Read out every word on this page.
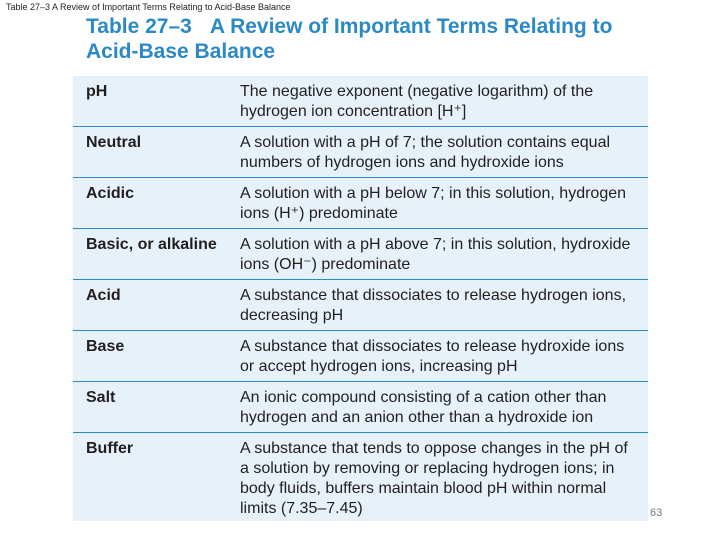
Table 27–3 A Review of Important Terms Relating to Acid-Base Balance
Table 27–3 A Review of Important Terms Relating to
Acid-Base Balance
pH	The negative exponent (negative logarithm) of the hydrogen ion concentration [H⁺]
Neutral	A solution with a pH of 7; the solution contains equal numbers of hydrogen ions and hydroxide ions
Acidic	A solution with a pH below 7; in this solution, hydrogen ions (H⁺) predominate
Basic, or alkaline	A solution with a pH above 7; in this solution, hydroxide ions (OH⁻) predominate
Acid	A substance that dissociates to release hydrogen ions, decreasing pH
Base	A substance that dissociates to release hydroxide ions or accept hydrogen ions, increasing pH
Salt	An ionic compound consisting of a cation other than hydrogen and an anion other than a hydroxide ion
Buffer	A substance that tends to oppose changes in the pH of a solution by removing or replacing hydrogen ions; in body fluids, buffers maintain blood pH within normal limits (7.35–7.45)	63
